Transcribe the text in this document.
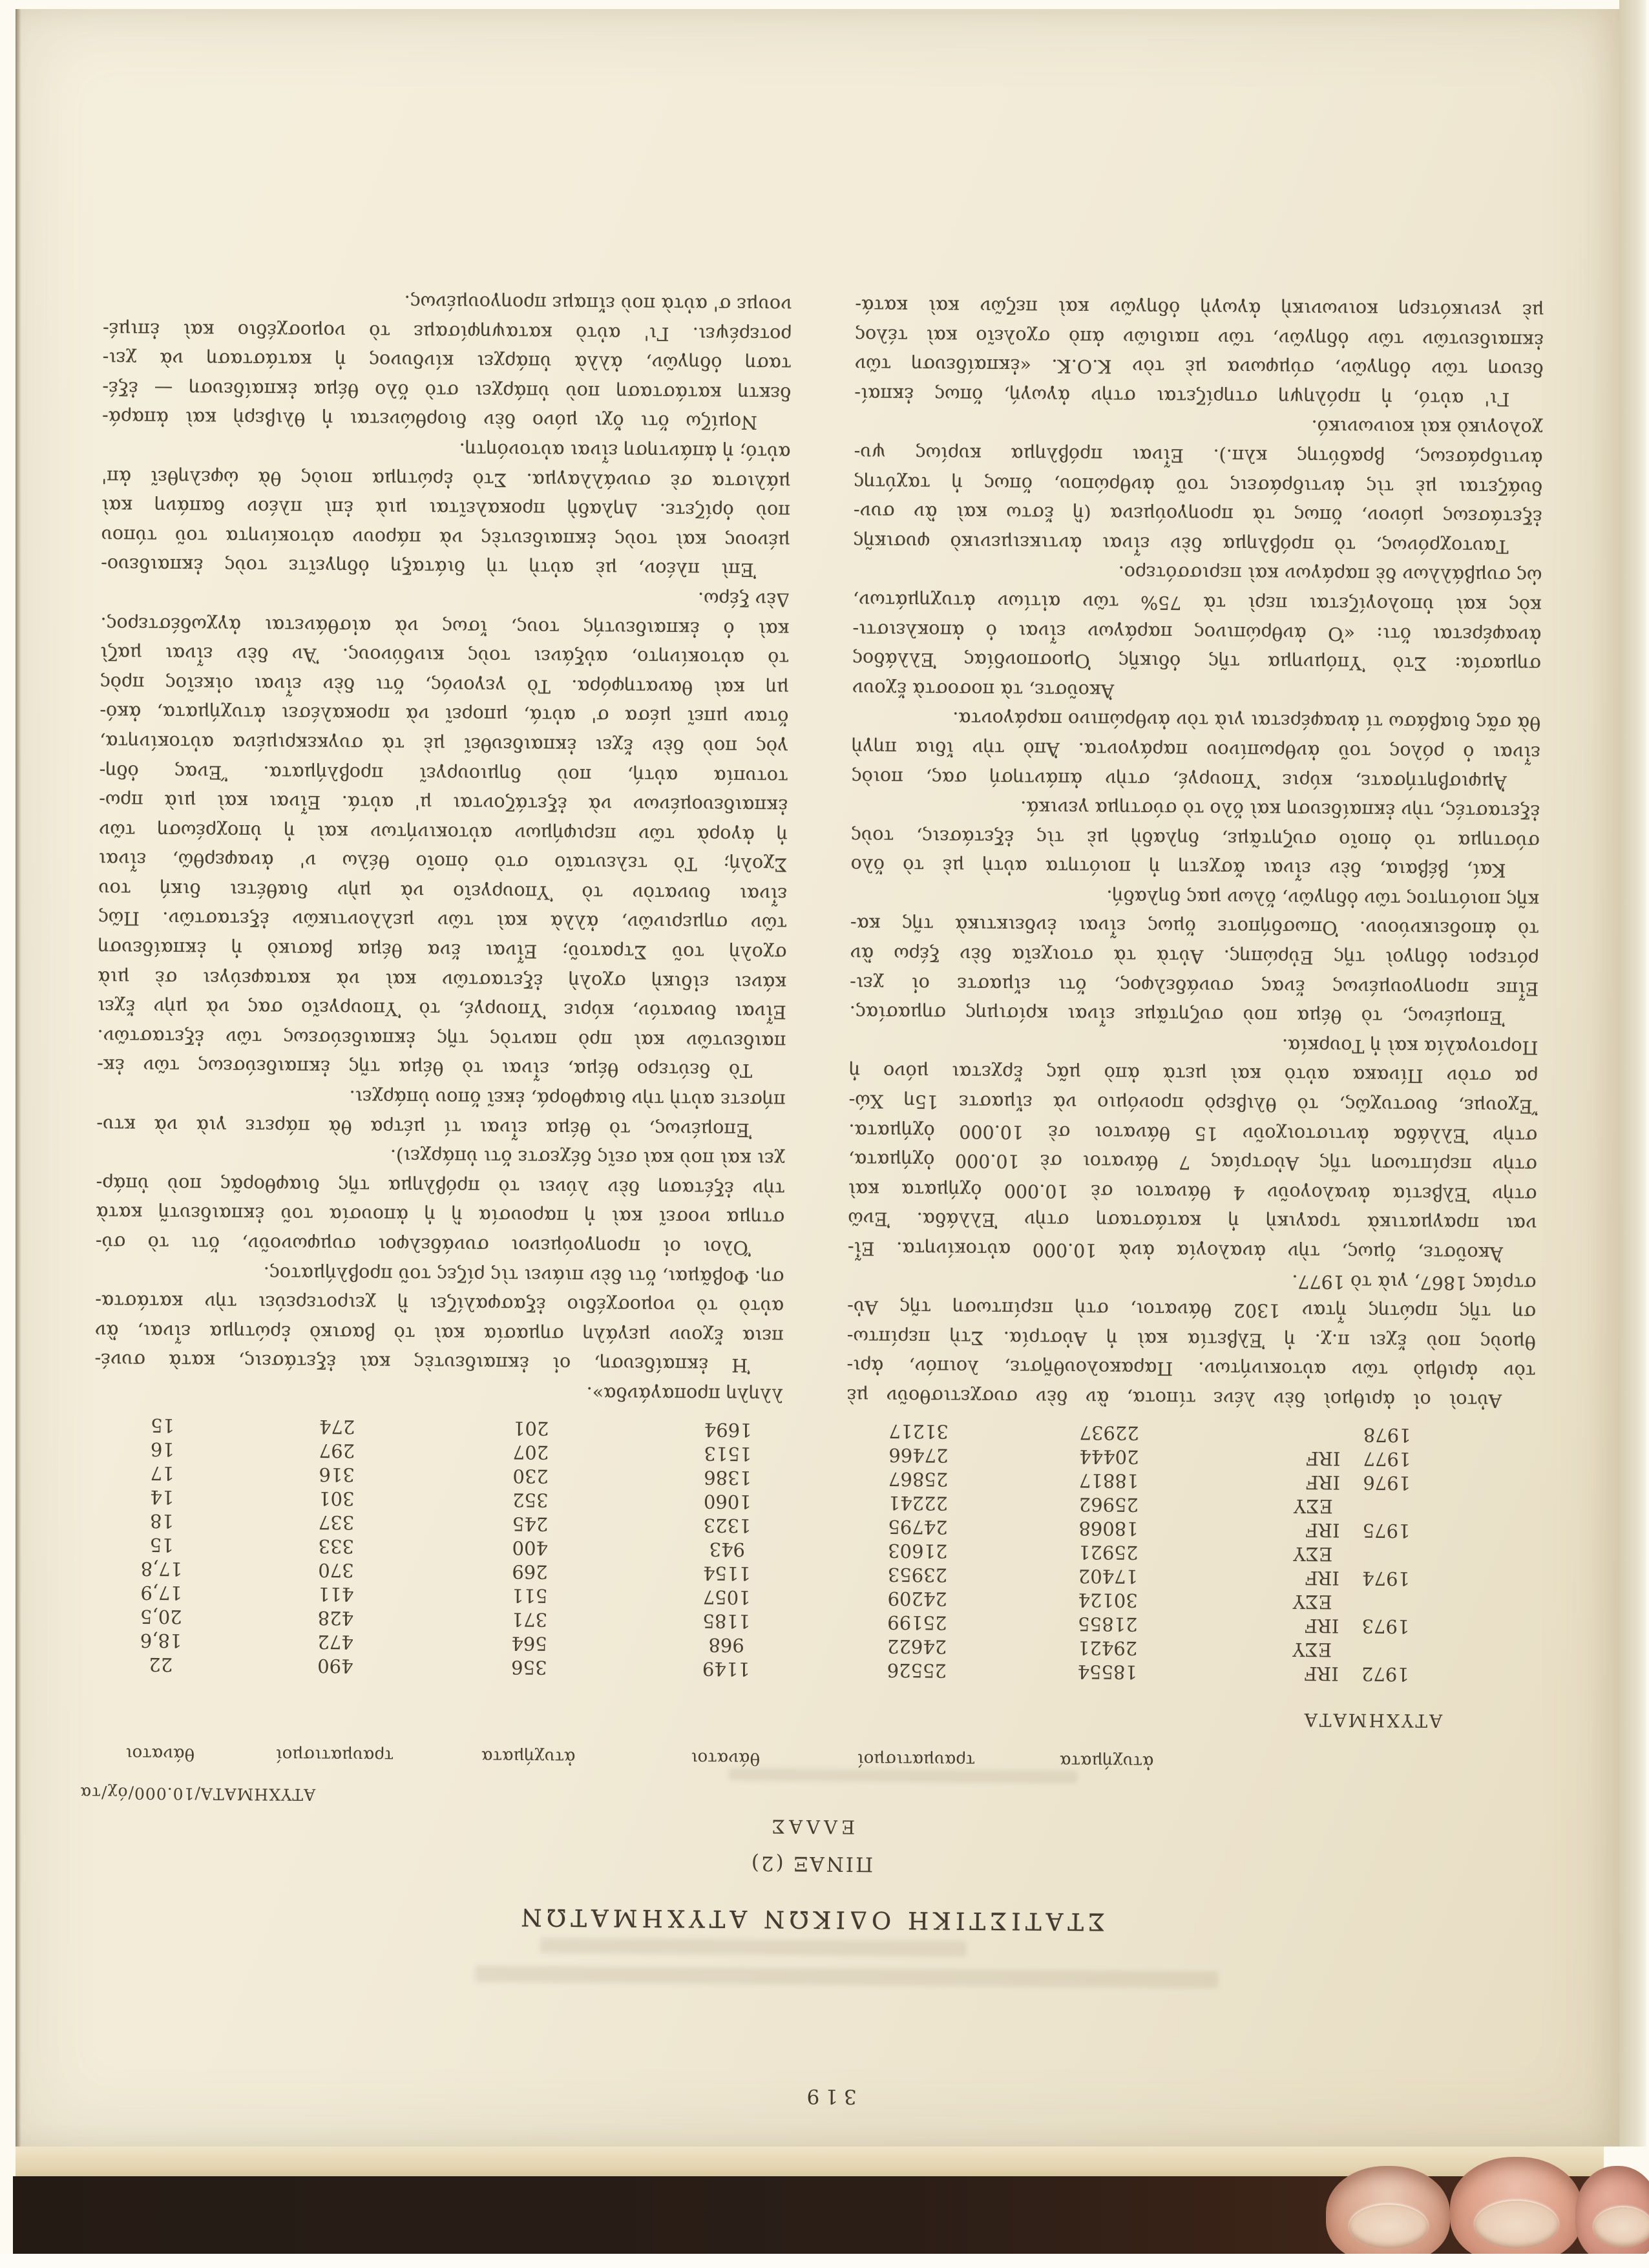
319
ΣΤΑΤΙΣΤΙΚΗ ΟΔΙΚΩΝ ΑΤΥΧΗΜΑΤΩΝ
ΠΙΝΑΞ (2)
ΕΛΛΑΣ
ΑΤΥΧΗΜΑΤΑ/10.000/όχ/τα
ΑΤΥΧΗΜΑΤΑ
ἀτυχήματα
τραυματισμοί
θάνατοι
ἀτυχήματα
τραυματισμοί
θάνατοι
1972 IRF
18554
25526
1149
356
490
22
ΕΣΥ
29421
24622
968
564
472
18,6
1973 IRF
21855
25199
1185
371
428
20,5
ΕΣΥ
30124
24209
1057
511
411
17,9
1974 IRF
17402
23953
1154
269
370
17,8
ΕΣΥ
25921
21603
943
400
333
15
1975 IRF
18068
24795
1323
245
337
18
ΕΣΥ
25962
22241
1060
352
301
14
1976 IRF
18817
25867
1386
230
316
17
1977 IRF
20444
27466
1513
207
297
16
1978
22937
31217
1694
201
274
15
Αὐτοὶ οἱ ἀριθμοὶ δὲν λένε τίποτα, ἂν δὲν συσχετισθοῦν μὲ
τὸν ἀριθμὸ τῶν αὐτοκινήτων. Παρακολουθῆστε, λοιπόν, ἀρι-
θμοὺς ποὺ ἔχει π.χ. ἡ Ἐλβετία καὶ ἡ Αὐστρία. Στὴ περίπτω-
ση τῆς πρώτης ἦταν 1302 θάνατοι, στὴ περίπτωση τῆς Αὐ-
στρίας 1867, γιὰ τὸ 1977.
Ἀκοῦστε, ὅμως, τὴν ἀναλογία ἀνὰ 10.000 αὐτοκίνητα. Εἶ-
ναι πραγματικὰ τραγικὴ ἡ κατάσταση στὴν Ἑλλάδα. Ἐνῶ
στὴν Ἐλβετία ἀναλογοῦν 4 θάνατοι σὲ 10.000 ὀχήματα καὶ
στὴν περίπτωση τῆς Αὐστρίας 7 θάνατοι σὲ 10.000 ὀχήματα,
στὴν Ἑλλάδα ἀντιστοιχοῦν 15 θάνατοι σὲ 10.000 ὀχήματα.
Ἔχουμε, δυστυχῶς, τὸ θλιβερὸ προνόμιο νὰ εἴμαστε 15η Χώ-
ρα στὸν Πίνακα αὐτὸ καὶ μετὰ ἀπὸ μᾶς ἔρχεται μόνο ἡ
Πορτογαλία καὶ ἡ Τουρκία.
Ἐπομένως, τὸ θέμα ποὺ συζητᾶμε εἶναι κρίσιμης σημασίας.
Εἶπε προηγουμένως ἕνας συνάδελφος, ὅτι εἴμαστε οἱ χει-
ρότεροι ὁδηγοὶ τῆς Εὐρώπης. Αὐτὰ τὰ στοιχεῖα δὲν ξέρω ἂν
τὸ ἀποδεικνύουν. Ὁπωσδήποτε ὅμως εἶναι ἐνδεικτικὰ τῆς κα-
κῆς ποιότητος τῶν ὁδηγῶν, ὅλων μας δηλαδή.
Καί, βέβαια, δὲν εἶναι ἄσχετη ἡ ποιότητα αὐτὴ μὲ τὸ ὅλο
σύστημα τὸ ὁποῖο συζητᾶμε, δηλαδὴ μὲ τὶς ἐξετάσεις, τοὺς
ἐξεταστές, τὴν ἐκπαίδευση καὶ ὅλο τὸ σύστημα γενικά.
Ἀμφισβητήσατε, κύριε Ὑπουργέ, στὴν ἀπάντησή σας, ποιὸς
εἶναι ὁ ρόλος τοῦ ἀνθρωπίνου παράγοντα. Ἀπὸ τὴν ἴδια πηγὴ
θὰ σᾶς διαβάσω τί ἀναφέρεται γιὰ τὸν ἀνθρώπινο παράγοντα.
Ἀκοῦστε, τὰ ποσοστὰ ἔχουν
σημασία: Στὸ Ὑπόμνημα τῆς ὁδικῆς Ὁμοσπονδίας Ἑλλάδος
ἀναφέρεται ὅτι: «Ὁ ἀνθρώπινος παράγων εἶναι ὁ ἀποκλειστι-
κὸς καὶ ὑπολογίζεται περὶ τὰ 75% τῶν αἰτίων ἀτυχημάτων,
ὡς συμβάλλων δὲ παράγων καὶ περισσότερο.
Ταυτοχρόνως, τὸ πρόβλημα δὲν εἶναι ἀντικειμενικὸ φυσικῆς
ἐξετάσεως μόνον, ὅπως τὰ προηγούμενα (ἢ ἔστω καὶ ἂν συν-
δυάζεται μὲ τὶς ἀντιδράσεις τοῦ ἀνθρώπου, ὅπως ἡ ταχύτης
ἀντιδράσεως, βραδύτης κλπ.). Εἶναι πρόβλημα κυρίως ψυ-
χολογικὸ καὶ κοινωνικό.
Γι' αὐτό, ἡ πρόληψη στηρίζεται στὴν ἀγωγή, ὅπως ἐκπαί-
δευση τῶν ὁδηγῶν, σύμφωνα μὲ τὸν Κ.Ο.Κ. «ἐκπαίδευση τῶν
ἐκπαιδευτῶν τῶν ὁδηγῶν, τῶν παιδιῶν ἀπὸ σχολεῖο καὶ τέλος
μὲ γενικότερη κοινωνικὴ ἀγωγὴ ὁδηγῶν καὶ πεζῶν καὶ κατά-
λληλη προπαγάνδα».
Ἡ ἐκπαίδευση, οἱ ἐκπαιδευτὲς καὶ ἐξετάσεις, κατὰ συνέ-
πεια ἔχουν μεγάλη σημασία καὶ τὸ βασικὸ ἐρώτημα εἶναι, ἂν
αὐτὸ τὸ νομοσχέδιο ἐξασφαλίζει ἢ χειροτερεύει τὴν κατάστα-
ση. Φοβᾶμαι, ὅτι δὲν πιάνει τὶς ρίζες τοῦ προβλήματος.
Ὅλοι οἱ προηγούμενοι συνάδελφοι συμφωνοῦν, ὅτι τὸ σύ-
στημα νοσεῖ καὶ ἡ παρουσία ἢ ἡ ἀπουσία τοῦ ἐκπαιδευτῆ κατὰ
τὴν ἐξέταση δὲν λύνει τὸ πρόβλημα τῆς διαφθορᾶς ποὺ ὑπάρ-
χει καὶ ποὺ καὶ σεῖς δέχεστε ὅτι ὑπάρχει).
Ἐπομένως, τὸ θέμα εἶναι τί μέτρα θὰ πάρετε γιὰ νὰ κτυ-
πήσετε αὐτὴ τὴν διαφθορά, ἐκεῖ ὅπου ὑπάρχει.
Τὸ δεύτερο θέμα, εἶναι τὸ θέμα τῆς ἐκπαιδεύσεως τῶν ἐκ-
παιδευτῶν καὶ πρὸ παντὸς τῆς ἐκπαιδεύσεως τῶν ἐξεταστῶν.
Εἶναι δυνατόν, κύριε Ὑπουργέ, τὸ Ὑπουργεῖο σας νὰ μὴν ἔχει
κάνει εἰδικὴ σχολὴ ἐξεταστῶν καὶ νὰ καταφεύγει σὲ μιὰ
σχολὴ τοῦ Στρατοῦ; Εἶναι ἕνα θέμα βασικὸ ἡ ἐκπαίδευση
τῶν σημερινῶν, ἀλλὰ καὶ τῶν μελλοντικῶν ἐξεταστῶν. Πῶς
εἶναι δυνατὸν τὸ Ὑπουργεῖο νὰ μὴν διαθέτει δική του
Σχολή; Τὸ τελευταῖο στὸ ὁποῖο θέλω ν' ἀναφερθῶ, εἶναι
ἡ ἀγορὰ τῶν περιφήμων αὐτοκινήτων καὶ ἡ ὑποχρέωση τῶν
ἐκπαιδευομένων νὰ ἐξετάζονται μ' αὐτά. Εἶναι καὶ μιὰ πρω-
τοτυπία αὐτή, ποὺ δημιουργεῖ προβλήματα. Ἕνας ὁδη-
γὸς ποὺ δὲν ἔχει ἐκπαιδευθεῖ μὲ τὰ συγκεκριμένα αὐτοκίνητα,
ὅταν μπεῖ μέσα σ' αὐτά, μπορεῖ νὰ προκαλέσει ἀτυχήματα, ἀκό-
μη καὶ θανατηφόρα. Τὸ γεγονός, ὅτι δὲν εἶναι οἰκεῖος πρὸς
τὸ αὐτοκίνητο, αὐξάνει τοὺς κινδύνους. Ἂν δὲν εἶναι μαζὶ
καὶ ὁ ἐκπαιδευτής τους, ἴσως νὰ αἰσθάνεται ἀγχωδέστερος.
Δὲν ξέρω.
Ἐπὶ πλέον, μὲ αὐτὴ τὴ διάταξη ὁδηγεῖτε τοὺς ἐκπαιδευο-
μένους καὶ τοὺς ἐκπαιδευτὲς νὰ πάρουν αὐτοκίνητα τοῦ τύπου
ποὺ ὁρίζετε. Δηλαδὴ προκαλεῖται μιὰ ἐπὶ πλέον δαπάνη καὶ
μάλιστα σὲ συνάλλαγμα. Στὸ ἐρώτημα ποιὸς θὰ ὠφεληθεῖ ἀπ'
αὐτό; ἡ ἀπάντηση εἶναι αὐτονόητη.
Νομίζω ὅτι ὄχι μόνο δὲν διορθώνεται ἡ θλιβερὴ καὶ ἀπαρά-
δεκτη κατάσταση ποὺ ὑπάρχει στὸ ὅλο θέμα ἐκπαίδευση — ἐξέ-
ταση ὁδηγῶν, ἀλλὰ ὑπάρχει κίνδυνος ἡ κατάσταση νὰ χει-
ροτερέψει. Γι' αὐτὸ καταψηφίσαμε τὸ νομοσχέδιο καὶ ἐπιμέ-
νουμε σ' αὐτὰ ποὺ εἴπαμε προηγουμένως.
